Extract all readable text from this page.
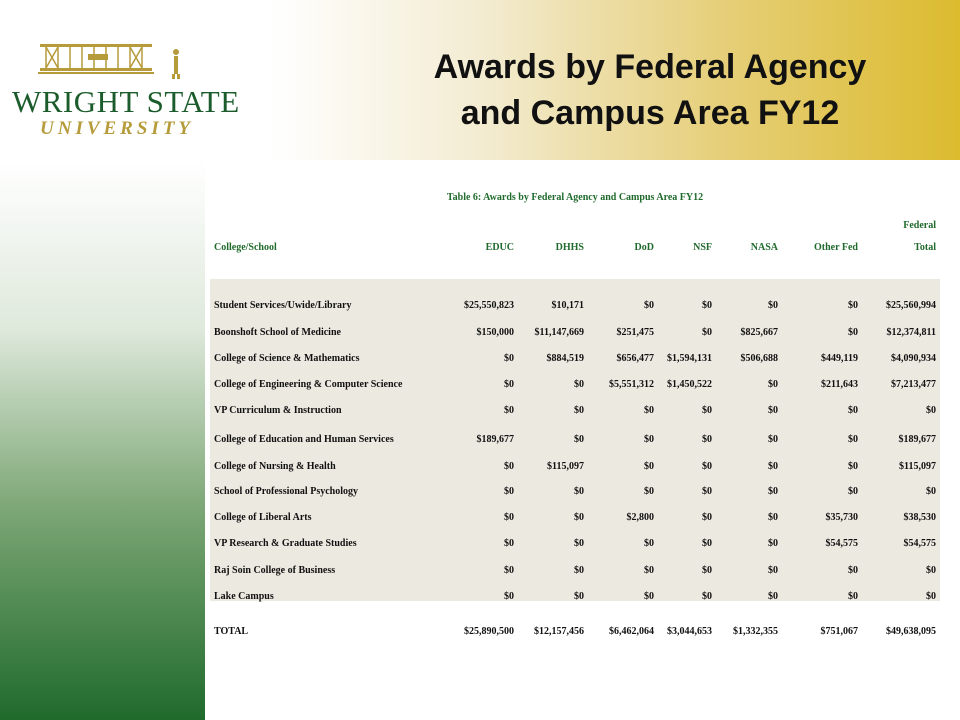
WRIGHT STATE
UNIVERSITY
Awards by Federal Agency
and Campus Area FY12
Table 6: Awards by Federal Agency and Campus Area FY12
College/School	EDUC	DHHS	DoD	NSF	NASA	Other Fed
Federal
Total
Student Services/Uwide/Library	$25,550,823	$10,171	$0	$0	$0	$0	$25,560,994
Boonshoft School of Medicine	$150,000	$11,147,669	$251,475	$0	$825,667	$0	$12,374,811
College of Science & Mathematics	$0	$884,519	$656,477	$1,594,131	$506,688	$449,119	$4,090,934
College of Engineering & Computer Science	$0	$0	$5,551,312	$1,450,522	$0	$211,643	$7,213,477
VP Curriculum & Instruction	$0	$0	$0	$0	$0	$0	$0
College of Education and Human Services	$189,677	$0	$0	$0	$0	$0	$189,677
College of Nursing & Health	$0	$115,097	$0	$0	$0	$0	$115,097
School of Professional Psychology	$0	$0	$0	$0	$0	$0	$0
College of Liberal Arts	$0	$0	$2,800	$0	$0	$35,730	$38,530
VP Research & Graduate Studies	$0	$0	$0	$0	$0	$54,575	$54,575
Raj Soin College of Business	$0	$0	$0	$0	$0	$0	$0
Lake Campus	$0	$0	$0	$0	$0	$0	$0
TOTAL	$25,890,500	$12,157,456	$6,462,064	$3,044,653	$1,332,355	$751,067	$49,638,095
